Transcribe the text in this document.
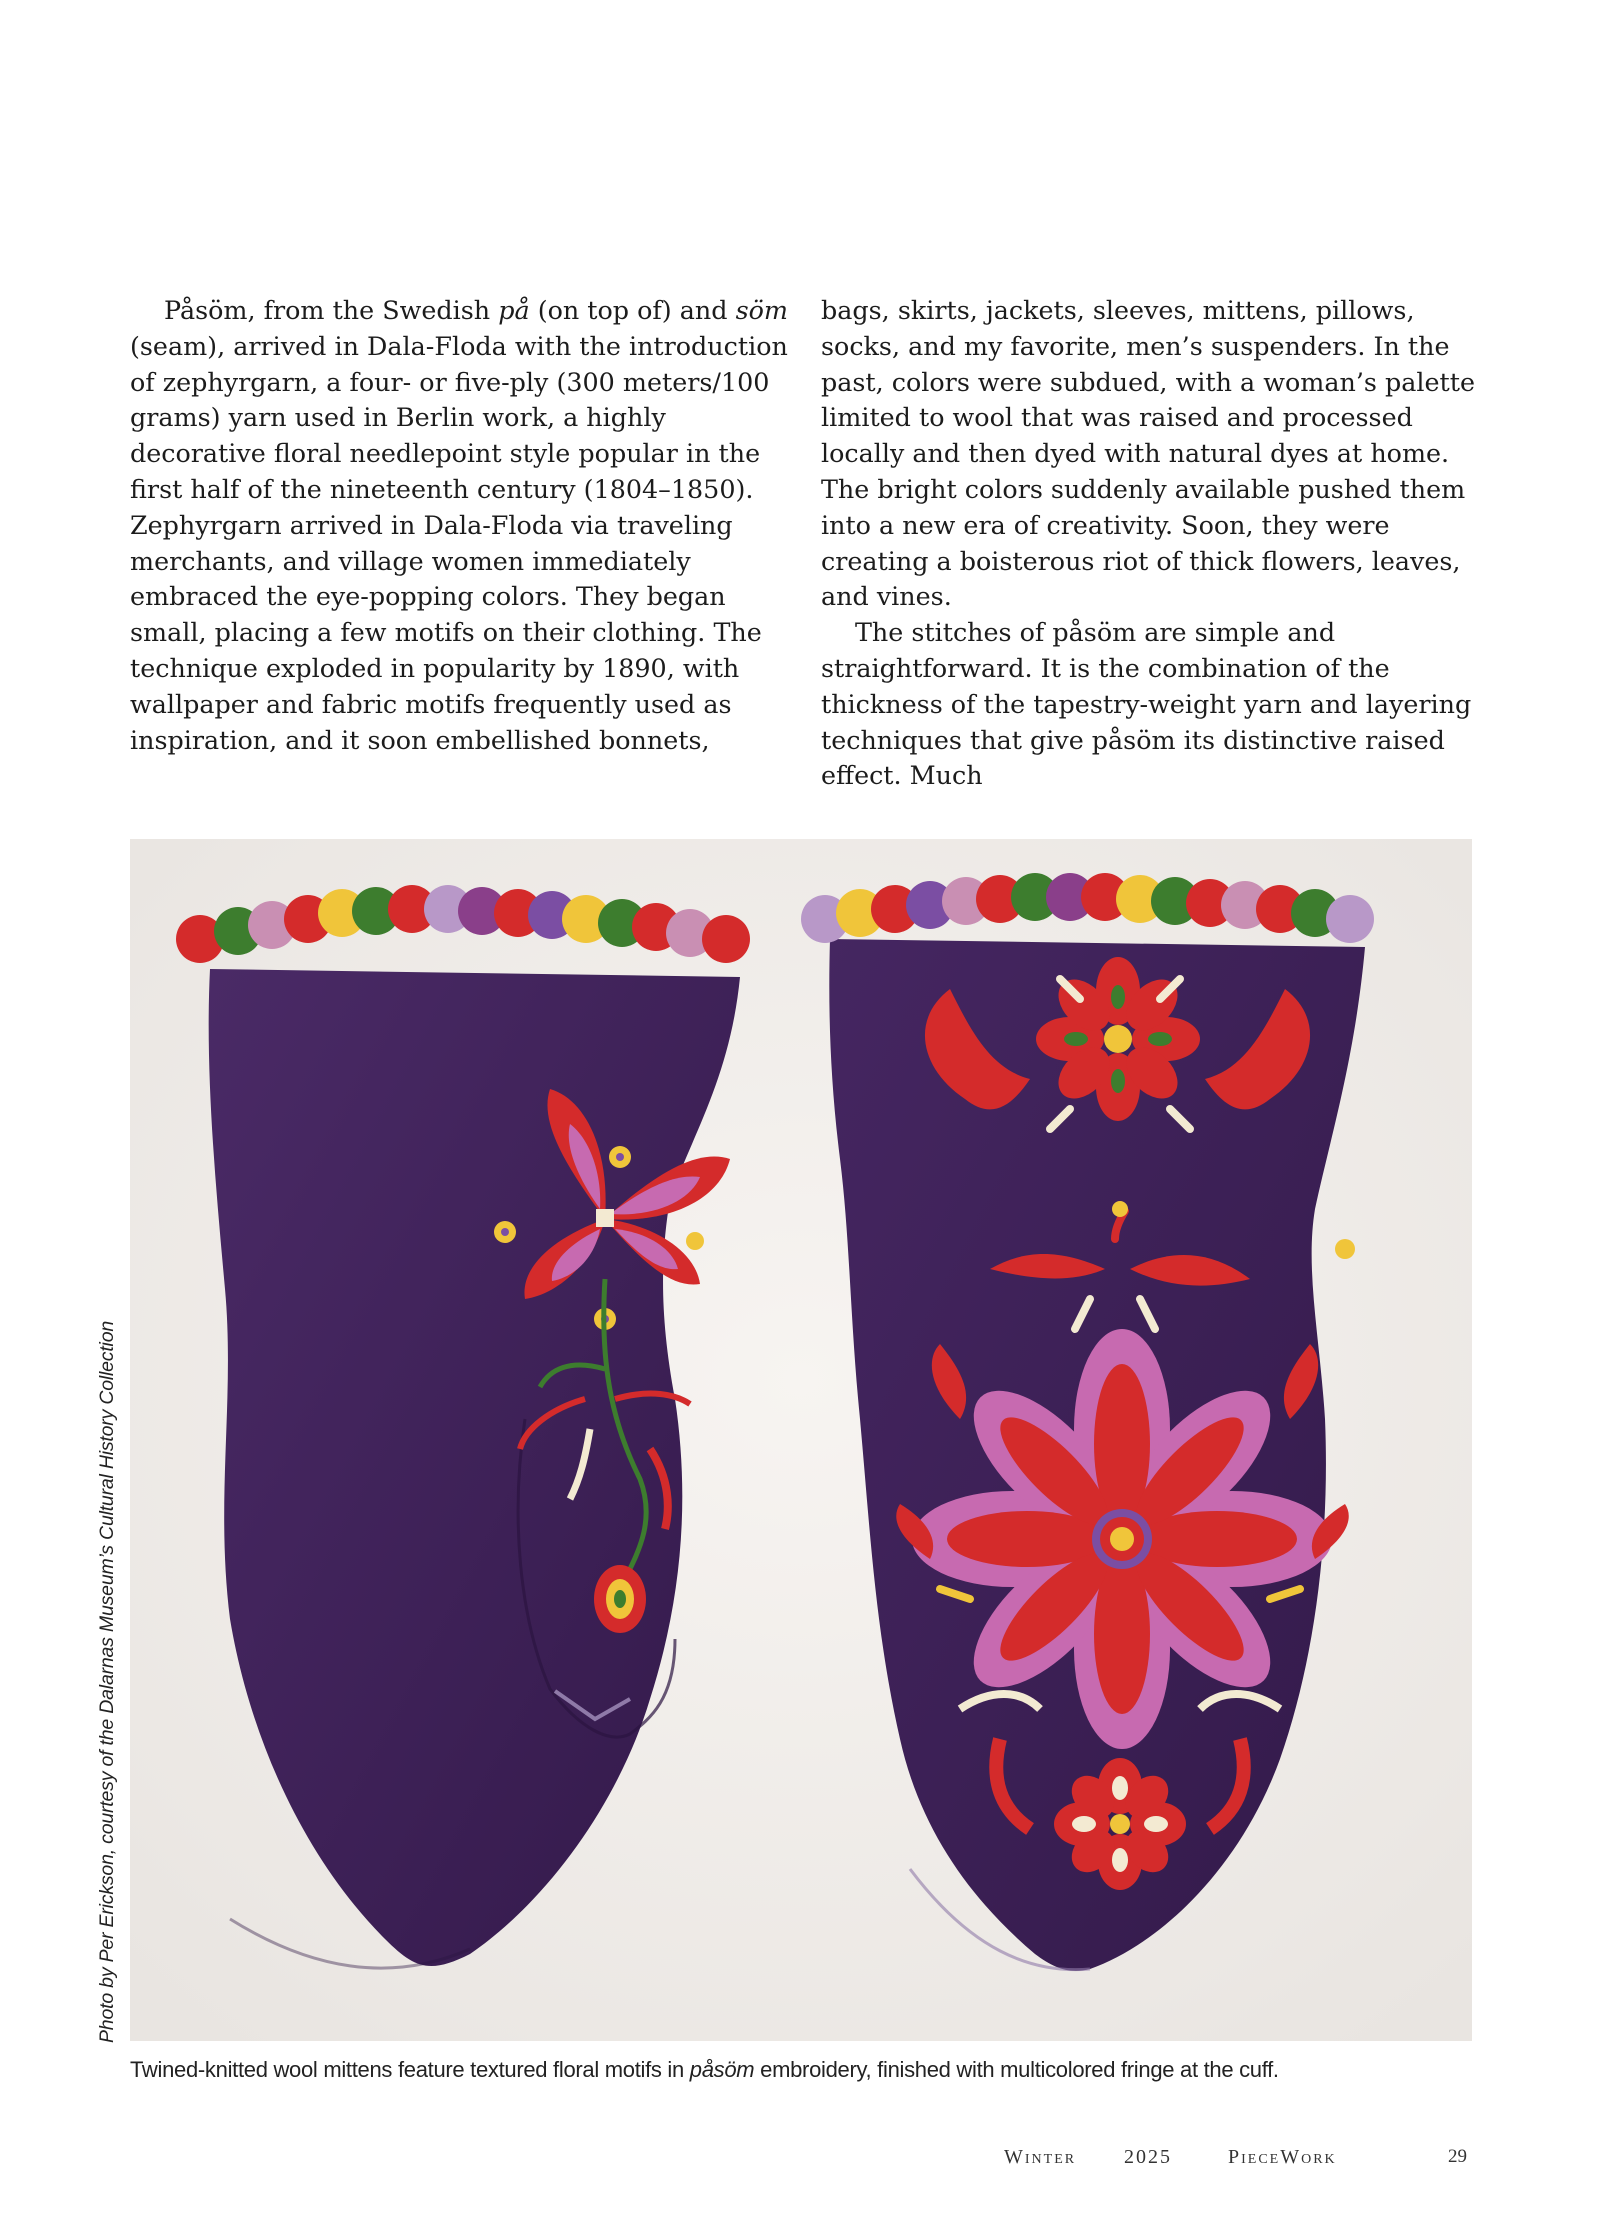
Påsöm, from the Swedish på (on top of) and söm (seam), arrived in Dala-Floda with the introduction of zephyrgarn, a four- or five-ply (300 meters/100 grams) yarn used in Berlin work, a highly decorative floral needlepoint style popular in the first half of the nineteenth century (1804–1850). Zephyrgarn arrived in Dala-Floda via traveling merchants, and village women immediately embraced the eye-popping colors. They began small, placing a few motifs on their clothing. The technique exploded in popularity by 1890, with wallpaper and fabric motifs frequently used as inspiration, and it soon embellished bonnets,

bags, skirts, jackets, sleeves, mittens, pillows, socks, and my favorite, men’s suspenders. In the past, colors were subdued, with a woman’s palette limited to wool that was raised and processed locally and then dyed with natural dyes at home. The bright colors suddenly available pushed them into a new era of creativity. Soon, they were creating a boisterous riot of thick flowers, leaves, and vines.

The stitches of påsöm are simple and straightforward. It is the combination of the thickness of the tapestry-weight yarn and layering techniques that give påsöm its distinctive raised effect. Much

Photo by Per Erickson, courtesy of the Dalarnas Museum’s Cultural History Collection
Twined-knitted wool mittens feature textured floral motifs in påsöm embroidery, finished with multicolored fringe at the cuff.
Winter 2025	PieceWork	29
